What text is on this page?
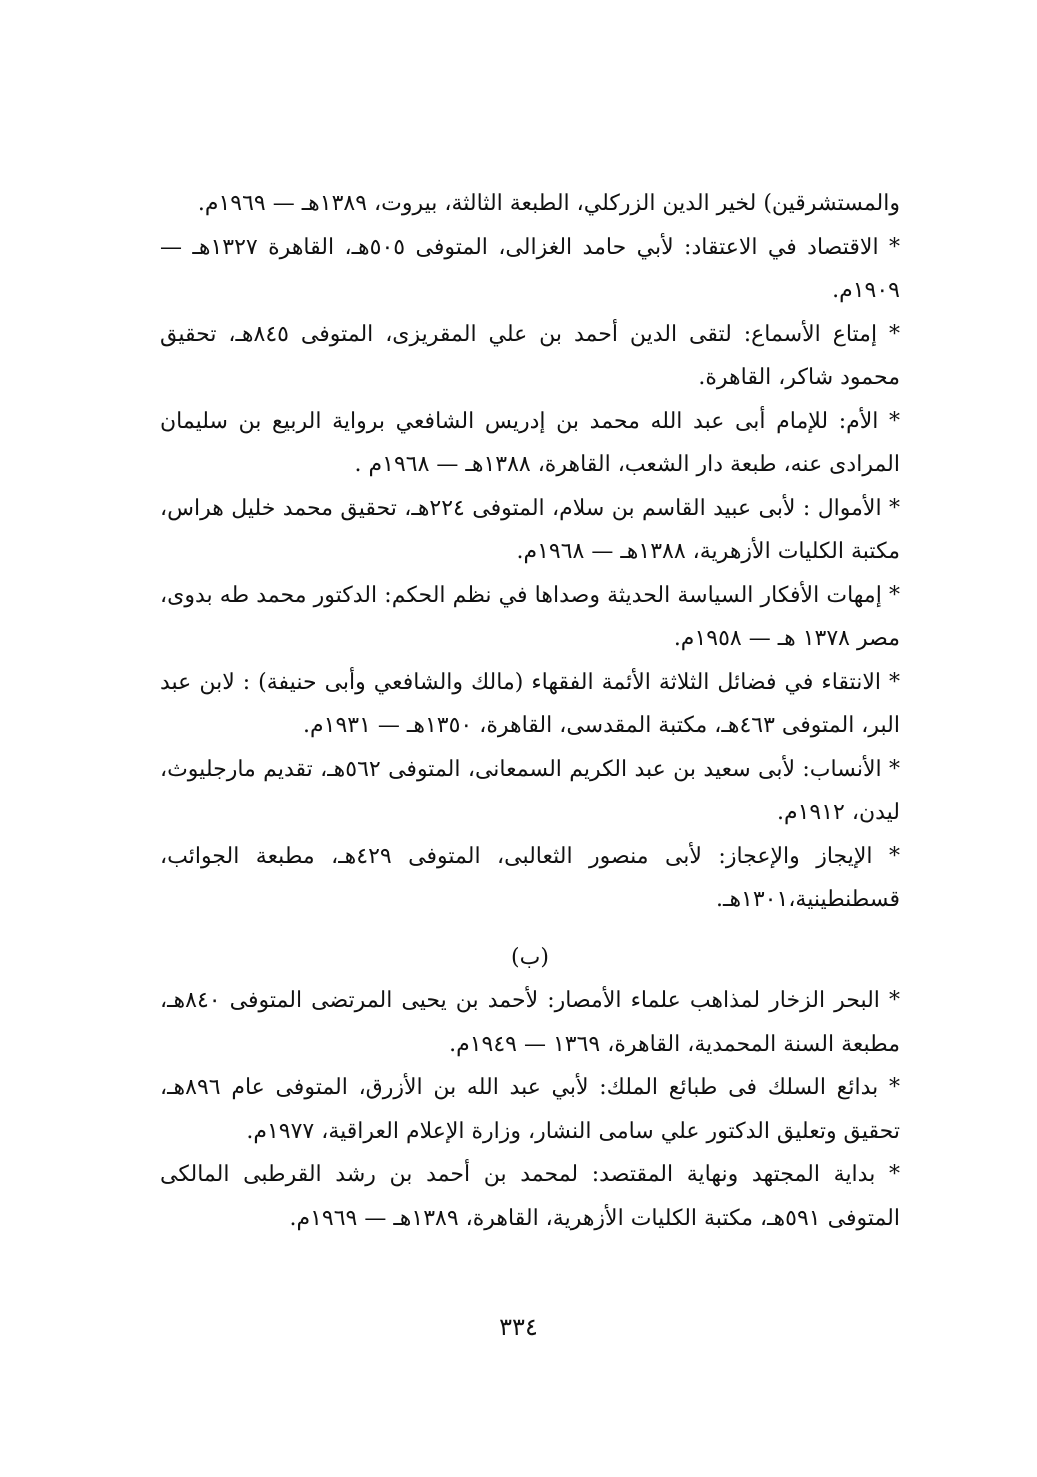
والمستشرقين) لخير الدين الزركلي، الطبعة الثالثة، بيروت، ١٣٨٩هـ — ١٩٦٩م.

* الاقتصاد في الاعتقاد: لأبي حامد الغزالى، المتوفى ٥٠٥هـ، القاهرة ١٣٢٧هـ — ١٩٠٩م.

* إمتاع الأسماع: لتقى الدين أحمد بن علي المقريزى، المتوفى ٨٤٥هـ، تحقيق محمود شاكر، القاهرة.

* الأم: للإمام أبى عبد الله محمد بن إدريس الشافعي برواية الربيع بن سليمان المرادى عنه، طبعة دار الشعب، القاهرة، ١٣٨٨هـ — ١٩٦٨م .

* الأموال : لأبى عبيد القاسم بن سلام، المتوفى ٢٢٤هـ، تحقيق محمد خليل هراس، مكتبة الكليات الأزهرية، ١٣٨٨هـ — ١٩٦٨م.

* إمهات الأفكار السياسة الحديثة وصداها في نظم الحكم: الدكتور محمد طه بدوى، مصر ١٣٧٨ هـ — ١٩٥٨م.

* الانتقاء في فضائل الثلاثة الأئمة الفقهاء (مالك والشافعي وأبى حنيفة) : لابن عبد البر، المتوفى ٤٦٣هـ، مكتبة المقدسى، القاهرة، ١٣٥٠هـ — ١٩٣١م.

* الأنساب: لأبى سعيد بن عبد الكريم السمعانى، المتوفى ٥٦٢هـ، تقديم مارجليوث، ليدن، ١٩١٢م.

* الإيجاز والإعجاز: لأبى منصور الثعالبى، المتوفى ٤٢٩هـ، مطبعة الجوائب، قسطنطينية،١٣٠١هـ.

(ب)

* البحر الزخار لمذاهب علماء الأمصار: لأحمد بن يحيى المرتضى المتوفى ٨٤٠هـ، مطبعة السنة المحمدية، القاهرة، ١٣٦٩ — ١٩٤٩م.

* بدائع السلك فى طبائع الملك: لأبي عبد الله بن الأزرق، المتوفى عام ٨٩٦هـ، تحقيق وتعليق الدكتور علي سامى النشار، وزارة الإعلام العراقية، ١٩٧٧م.

* بداية المجتهد ونهاية المقتصد: لمحمد بن أحمد بن رشد القرطبى المالكى المتوفى ٥٩١هـ، مكتبة الكليات الأزهرية، القاهرة، ١٣٨٩هـ — ١٩٦٩م.

٣٣٤
